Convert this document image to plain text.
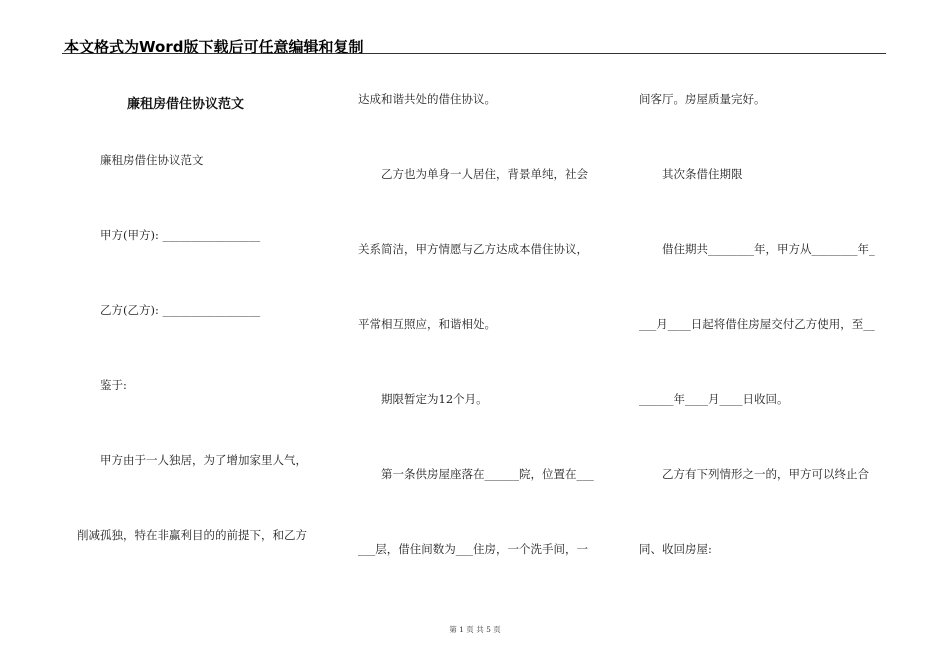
本文格式为Word版下载后可任意编辑和复制
廉租房借住协议范文
廉租房借住协议范文
甲方(甲方): _________________
乙方(乙方): _________________
鉴于:
甲方由于一人独居，为了增加家里人气，
削减孤独，特在非赢利目的的前提下，和乙方
达成和谐共处的借住协议。
乙方也为单身一人居住，背景单纯，社会
关系简洁，甲方情愿与乙方达成本借住协议，
平常相互照应，和谐相处。
期限暂定为12个月。
第一条供房屋座落在______院，位置在___
___层，借住间数为___住房，一个洗手间，一
间客厅。房屋质量完好。
其次条借住期限
借住期共________年，甲方从________年_
___月____日起将借住房屋交付乙方使用，至__
______年____月____日收回。
乙方有下列情形之一的，甲方可以终止合
同、收回房屋:
第 1 页 共 5 页
